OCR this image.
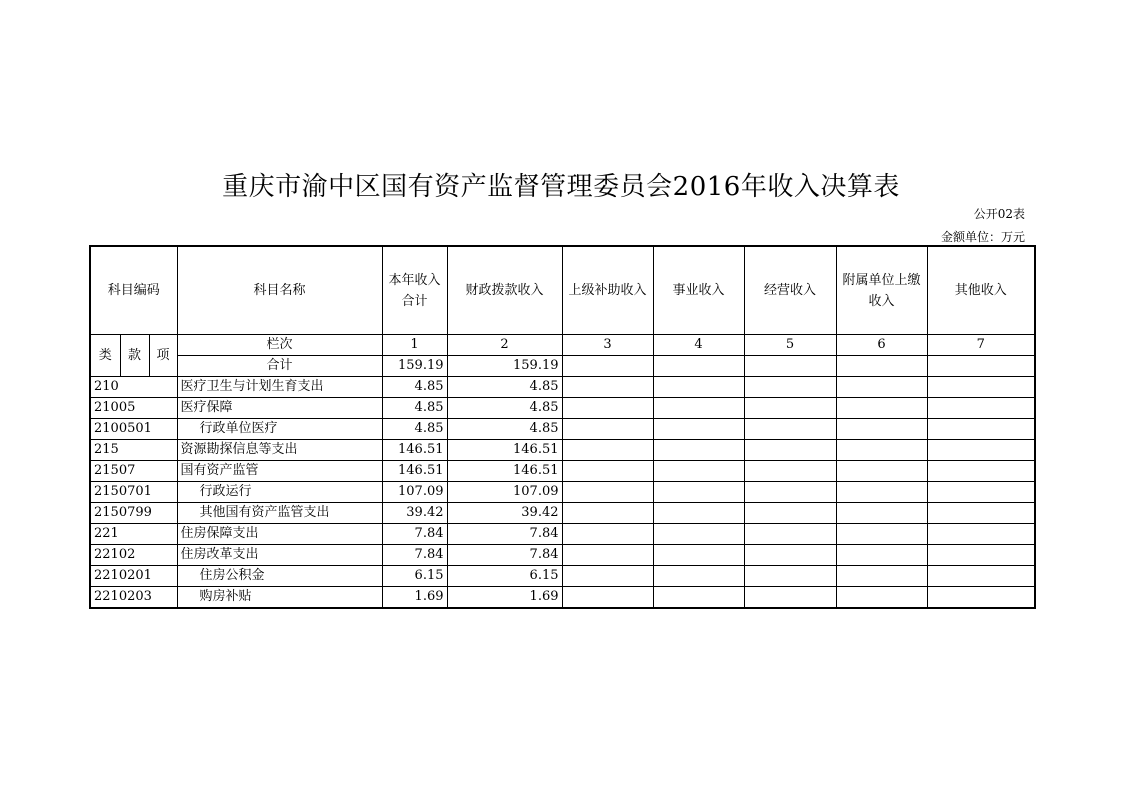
重庆市渝中区国有资产监督管理委员会2016年收入决算表
公开02表
金额单位：万元
科目编码			科目名称	本年收入合计	财政拨款收入	上级补助收入	事业收入	经营收入	附属单位上缴收入	其他收入
类	款	项	栏次	1	2	3	4	5	6	7
			合计	159.19	159.19					
210			医疗卫生与计划生育支出	4.85	4.85					
21005			医疗保障	4.85	4.85					
2100501			行政单位医疗	4.85	4.85					
215			资源勘探信息等支出	146.51	146.51					
21507			国有资产监管	146.51	146.51					
2150701			行政运行	107.09	107.09					
2150799			其他国有资产监管支出	39.42	39.42					
221			住房保障支出	7.84	7.84					
22102			住房改革支出	7.84	7.84					
2210201			住房公积金	6.15	6.15					
2210203			购房补贴	1.69	1.69					
